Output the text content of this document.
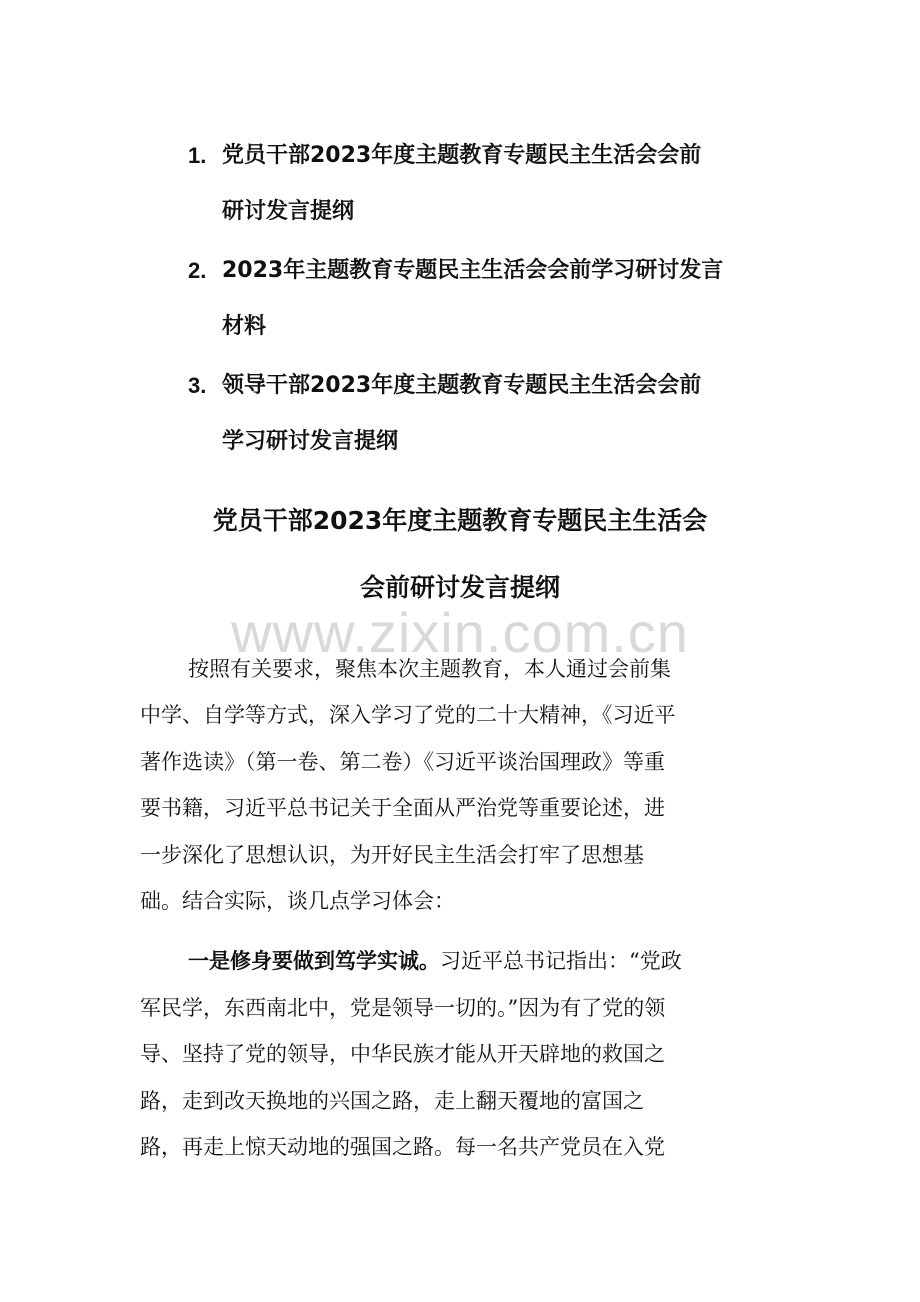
1. 党员干部2023年度主题教育专题民主生活会会前
研讨发言提纲
2. 2023年主题教育专题民主生活会会前学习研讨发言
材料
3. 领导干部2023年度主题教育专题民主生活会会前
学习研讨发言提纲
党员干部2023年度主题教育专题民主生活会
会前研讨发言提纲
www.zixin.com.cn
按照有关要求，聚焦本次主题教育，本人通过会前集
中学、自学等方式，深入学习了党的二十大精神，《习近平
著作选读》（第一卷、第二卷）《习近平谈治国理政》等重
要书籍，习近平总书记关于全面从严治党等重要论述，进
一步深化了思想认识，为开好民主生活会打牢了思想基
础。结合实际，谈几点学习体会：
一是修身要做到笃学实诚。习近平总书记指出：“党政
军民学，东西南北中，党是领导一切的。”因为有了党的领
导、坚持了党的领导，中华民族才能从开天辟地的救国之
路，走到改天换地的兴国之路，走上翻天覆地的富国之
路，再走上惊天动地的强国之路。每一名共产党员在入党
